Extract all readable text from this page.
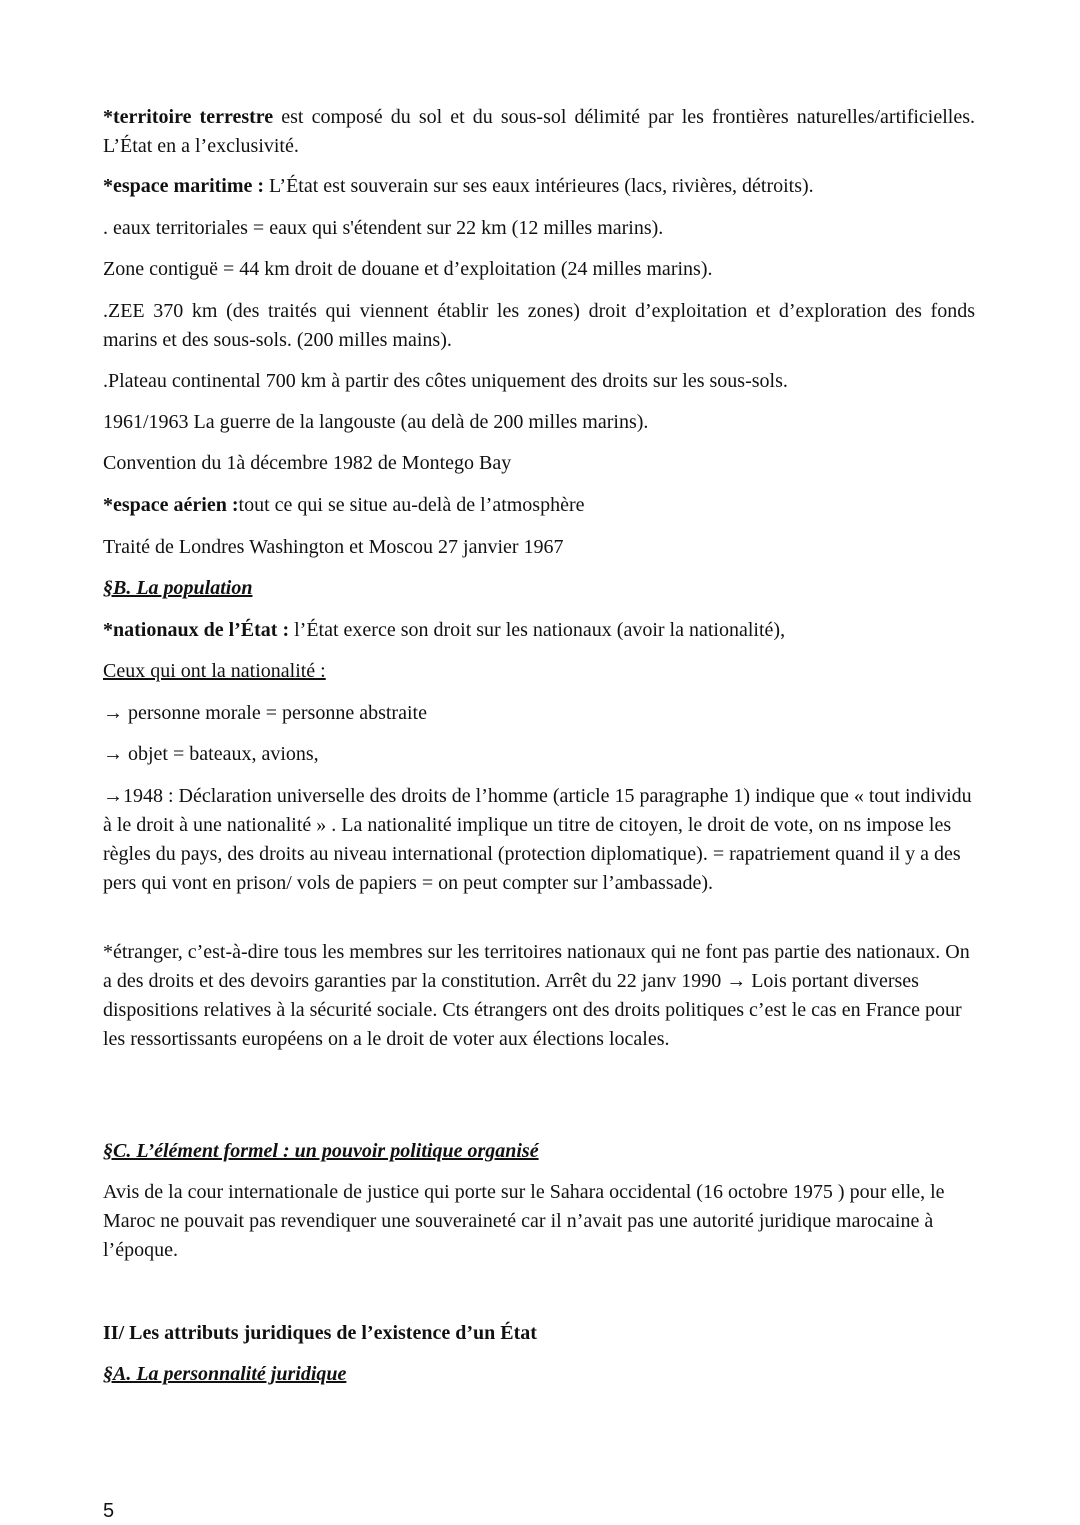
*territoire terrestre est composé du sol et du sous-sol délimité par les frontières naturelles/artificielles. L’État en a l’exclusivité.

*espace maritime : L’État est souverain sur ses eaux intérieures (lacs, rivières, détroits).

. eaux territoriales = eaux qui s'étendent sur 22 km (12 milles marins).

Zone contiguë = 44 km droit de douane et d’exploitation (24 milles marins).

.ZEE 370 km (des traités qui viennent établir les zones) droit d’exploitation et d’exploration des fonds marins et des sous-sols. (200 milles mains).

.Plateau continental 700 km à partir des côtes uniquement des droits sur les sous-sols.

1961/1963 La guerre de la langouste (au delà de 200 milles marins).

Convention du 1à décembre 1982 de Montego Bay

*espace aérien :tout ce qui se situe au-delà de l’atmosphère

Traité de Londres Washington et Moscou 27 janvier 1967

§B. La population

*nationaux de l’État : l’État exerce son droit sur les nationaux (avoir la nationalité),

Ceux qui ont la nationalité :

→ personne morale = personne abstraite

→ objet = bateaux, avions,

→1948 : Déclaration universelle des droits de l’homme (article 15 paragraphe 1) indique que « tout individu à le droit à une nationalité » . La nationalité implique un titre de citoyen, le droit de vote, on ns impose les règles du pays, des droits au niveau international (protection diplomatique). = rapatriement quand il y a des pers qui vont en prison/ vols de papiers = on peut compter sur l’ambassade).

*étranger, c’est-à-dire tous les membres sur les territoires nationaux qui ne font pas partie des nationaux. On a des droits et des devoirs garanties par la constitution. Arrêt du 22 janv 1990 → Lois portant diverses dispositions relatives à la sécurité sociale. Cts étrangers ont des droits politiques c’est le cas en France pour les ressortissants européens on a le droit de voter aux élections locales.

§C. L’élément formel : un pouvoir politique organisé

Avis de la cour internationale de justice qui porte sur le Sahara occidental (16 octobre 1975 ) pour elle, le Maroc ne pouvait pas revendiquer une souveraineté car il n’avait pas une autorité juridique marocaine à l’époque.

II/ Les attributs juridiques de l’existence d’un État

§A. La personnalité juridique

5
